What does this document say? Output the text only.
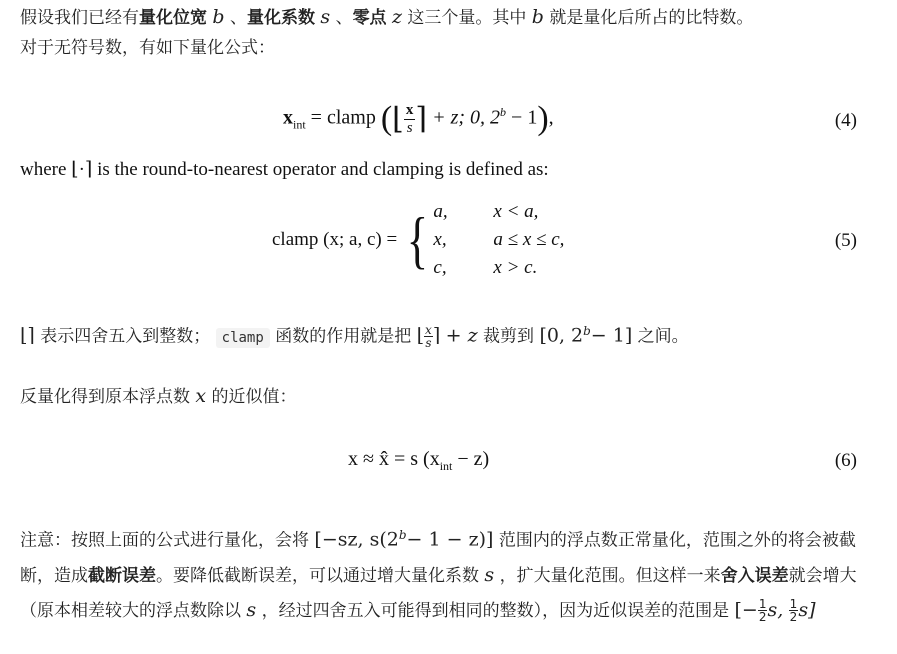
假设我们已经有量化位宽 b 、量化系数 s 、零点 z 这三个量。其中 b 就是量化后所占的比特数。
对于无符号数，有如下量化公式：
$x_{int}$ = clamp (⌊ $\frac{x}{s}$ ⌉ + z; 0, $2^b - 1$),	(4)
where ⌊·⌉ is the round-to-nearest operator and clamping is defined as:
clamp (x; a, c) = { a,	x < a,
x,	a ≤ x ≤ c,
c,	x > c.
(5)
⌊⌉ 表示四舍五入到整数； clamp 函数的作用就是把 ⌊ $\frac{x}{s}$ ⌉ + z 裁剪到 [0, $2^b- 1$] 之间。
反量化得到原本浮点数 x 的近似值：
x ≈ x̂ = s $(x_{int} - z)$	(6)
注意：按照上面的公式进行量化，会将 [−sz, $s(2^b- 1 - z)$] 范围内的浮点数正常量化，范围之外的将会被截断，造成截断误差。要降低截断误差，可以通过增大量化系数 s ，扩大量化范围。但这样一来舍入误差就会增大（原本相差较大的浮点数除以 s ，经过四舍五入可能得到相同的整数），因为近似误差的范围是 [− $\frac{1}{2} s$, $\frac{1}{2} s$]
